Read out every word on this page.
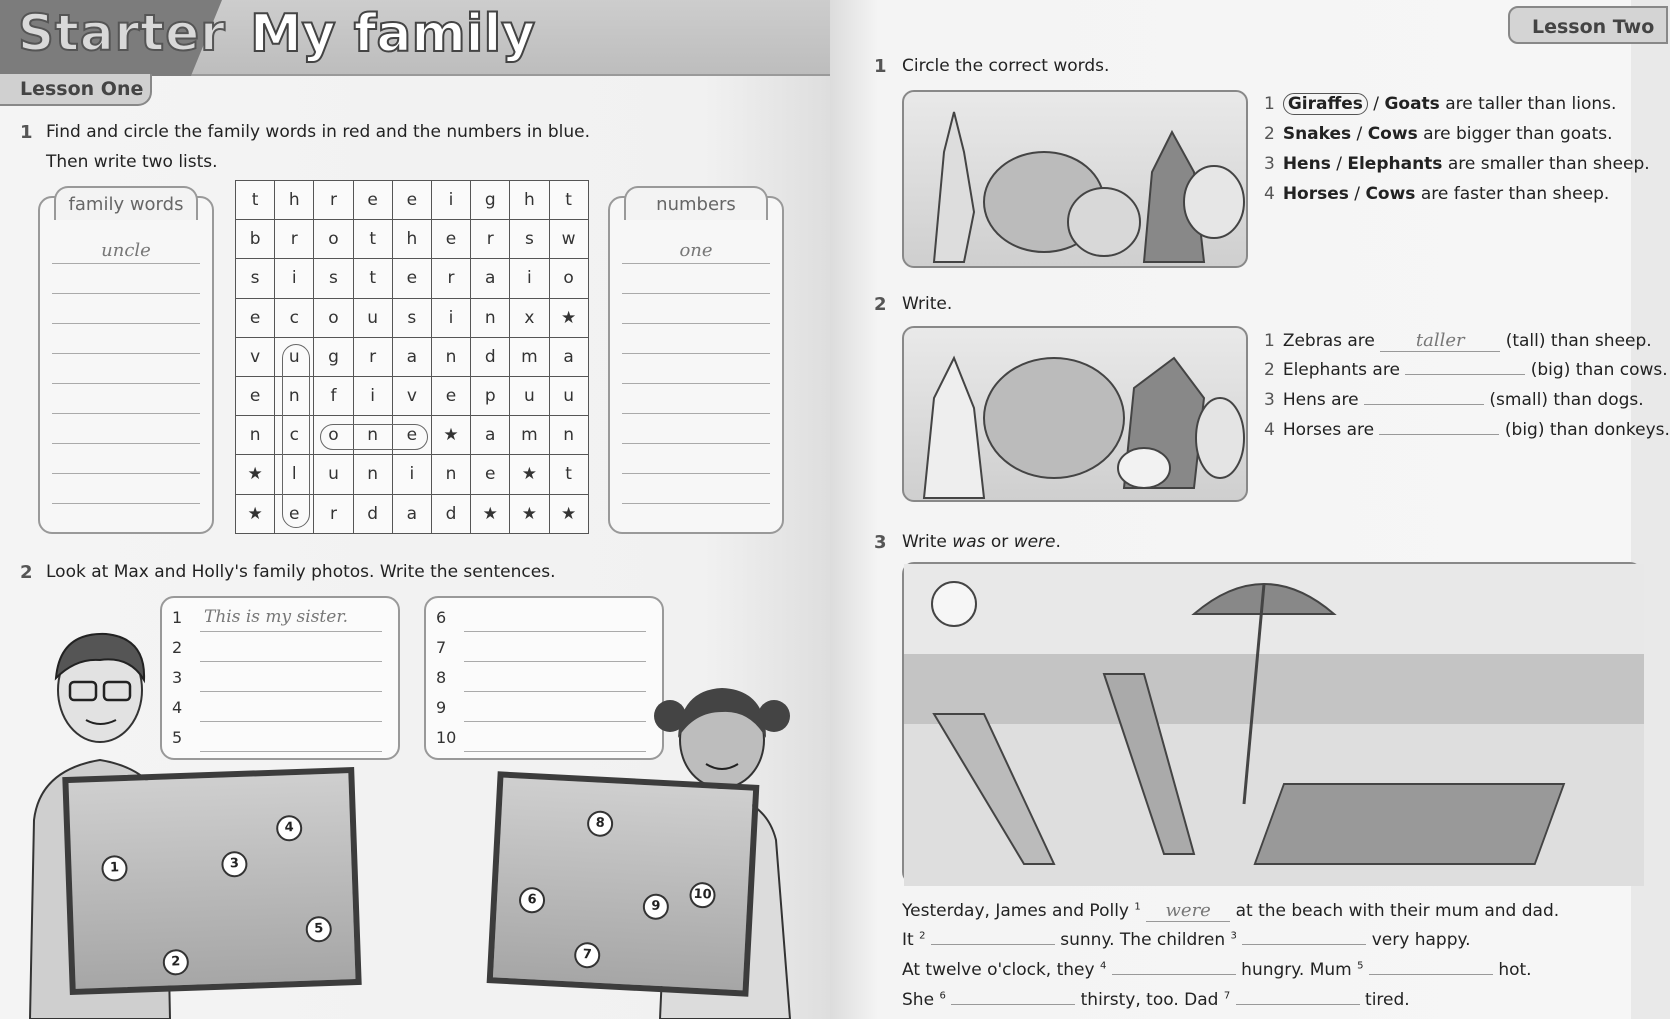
Starter My family
Lesson One
1 Find and circle the family words in red and the numbers in blue.
Then write two lists.
family words
uncle
t	h	r	e	e	i	g	h	t
b	r	o	t	h	e	r	s	w
s	i	s	t	e	r	a	i	o
e	c	o	u	s	i	n	x	★
v	u	g	r	a	n	d	m	a
e	n	f	i	v	e	p	u	u
n	c	o	n	e	★	a	m	n
★	l	u	n	i	n	e	★	t
★	e	r	d	a	d	★	★	★
numbers
one
2 Look at Max and Holly's family photos. Write the sentences.
1 This is my sister.
2
3
4
5
6
7
8
9
10
1
2
3
4
5
6
7
8
9
10
Lesson Two
1 Circle the correct words.
1 Giraffes / Goats are taller than lions.
2 Snakes / Cows are bigger than goats.
3 Hens / Elephants are smaller than sheep.
4 Horses / Cows are faster than sheep.
2 Write.
1 Zebras are taller (tall) than sheep.
2 Elephants are	(big) than cows.
3 Hens are	(small) than dogs.
4 Horses are	(big) than donkeys.
3 Write was or were.
Yesterday, James and Polly $^1$ were at the beach with their mum and dad.
It $^2$	sunny. The children $^3$	very happy.
At twelve o'clock, they $^4$	hungry. Mum $^5$	hot.
She $^6$	thirsty, too. Dad $^7$	tired.
